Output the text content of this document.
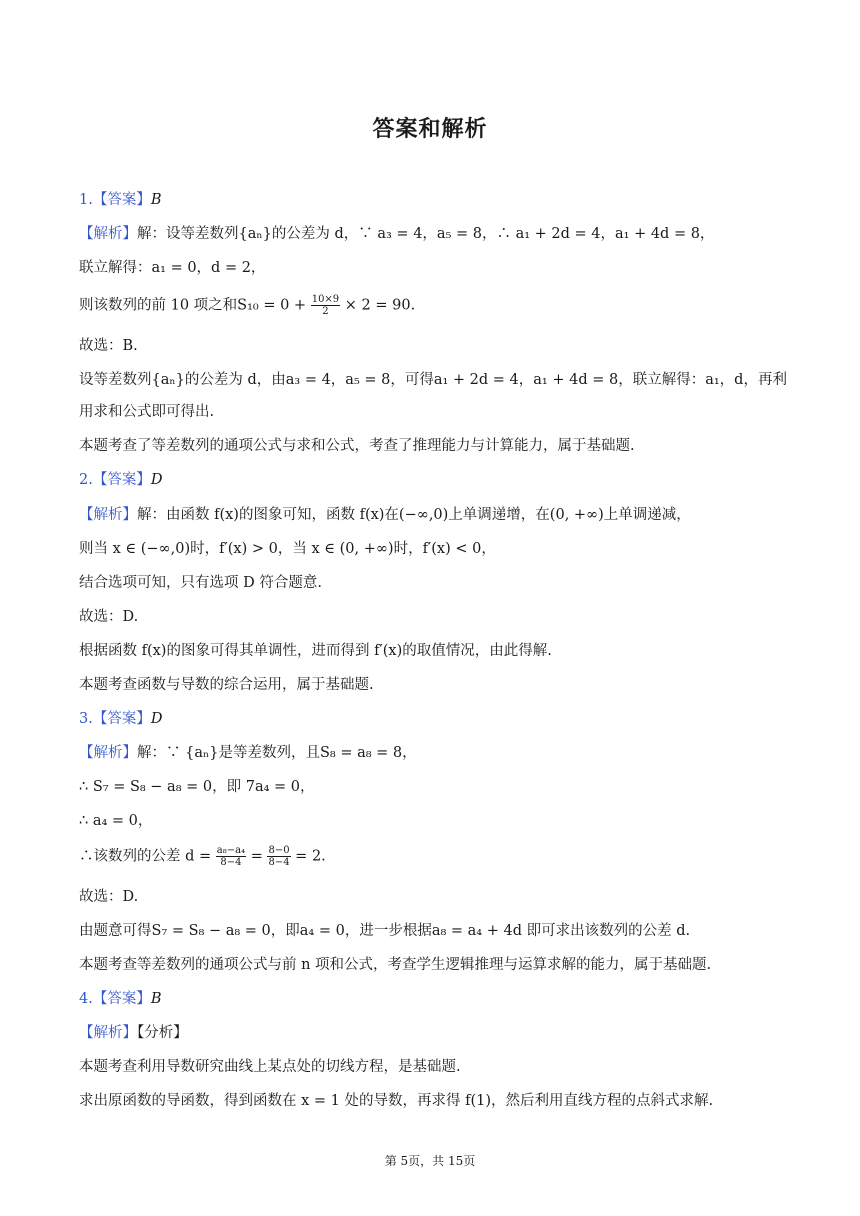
答案和解析
1.【答案】B
【解析】解：设等差数列{aₙ}的公差为 d，∵ a₃ = 4，a₅ = 8，∴ a₁ + 2d = 4，a₁ + 4d = 8，
联立解得：a₁ = 0，d = 2，
则该数列的前 10 项之和$S_{10} = 0 + \frac{10\times 9}{2} \times 2 = 90$.
故选：B.
设等差数列{aₙ}的公差为 d，由a₃ = 4，a₅ = 8，可得a₁ + 2d = 4，a₁ + 4d = 8，联立解得：a₁，d，再利
用求和公式即可得出.
本题考查了等差数列的通项公式与求和公式，考查了推理能力与计算能力，属于基础题.
2.【答案】D
【解析】解：由函数 f(x)的图象可知，函数 f(x)在(−∞,0)上单调递增，在(0, +∞)上单调递减，
则当 x ∈ (−∞,0)时，f′(x) > 0，当 x ∈ (0, +∞)时，f′(x) < 0，
结合选项可知，只有选项 D 符合题意.
故选：D.
根据函数 f(x)的图象可得其单调性，进而得到 f′(x)的取值情况，由此得解.
本题考查函数与导数的综合运用，属于基础题.
3.【答案】D
【解析】解：∵ {aₙ}是等差数列，且S₈ = a₈ = 8，
∴ S₇ = S₈ − a₈ = 0，即 7a₄ = 0，
∴ a₄ = 0，
∴该数列的公差 $d = \frac{\text{a₈−a₄}}{8-4} = \frac{8-0}{8-4} = 2$.
故选：D.
由题意可得S₇ = S₈ − a₈ = 0，即a₄ = 0，进一步根据a₈ = a₄ + 4d 即可求出该数列的公差 d.
本题考查等差数列的通项公式与前 n 项和公式，考查学生逻辑推理与运算求解的能力，属于基础题.
4.【答案】B
【解析】【分析】
本题考查利用导数研究曲线上某点处的切线方程，是基础题.
求出原函数的导函数，得到函数在 x = 1 处的导数，再求得 f(1)，然后利用直线方程的点斜式求解.
第 5页，共 15页
